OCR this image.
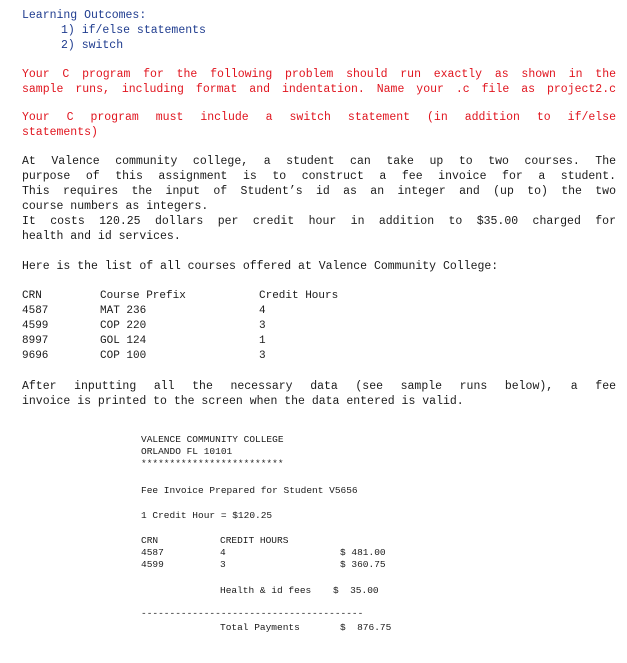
Learning Outcomes:
1) if/else statements
2) switch

Your C program for the following problem should run exactly as shown in the

sample runs, including format and indentation. Name your .c file as project2.c

Your C program must include a switch statement (in addition to if/else

statements)

At Valence community college, a student can take up to two courses. The

purpose of this assignment is to construct a fee invoice for a student.

This requires the input of Student’s id as an integer and (up to) the two

course numbers as integers.

It costs 120.25 dollars per credit hour in addition to $35.00 charged for

health and id services.

Here is the list of all courses offered at Valence Community College:
CRN	Course Prefix	Credit Hours
4587	MAT 236	4
4599	COP 220	3
8997	GOL 124	1
9696	COP 100	3

After inputting all the necessary data (see sample runs below), a fee

invoice is printed to the screen when the data entered is valid.

VALENCE COMMUNITY COLLEGE
ORLANDO FL 10101
*************************
Fee Invoice Prepared for Student V5656
1 Credit Hour = $120.25
CRN	CREDIT HOURS
4587	4	$ 481.00
4599	3	$ 360.75
Health & id fees $  35.00
---------------------------------------
Total Payments	$  876.75
